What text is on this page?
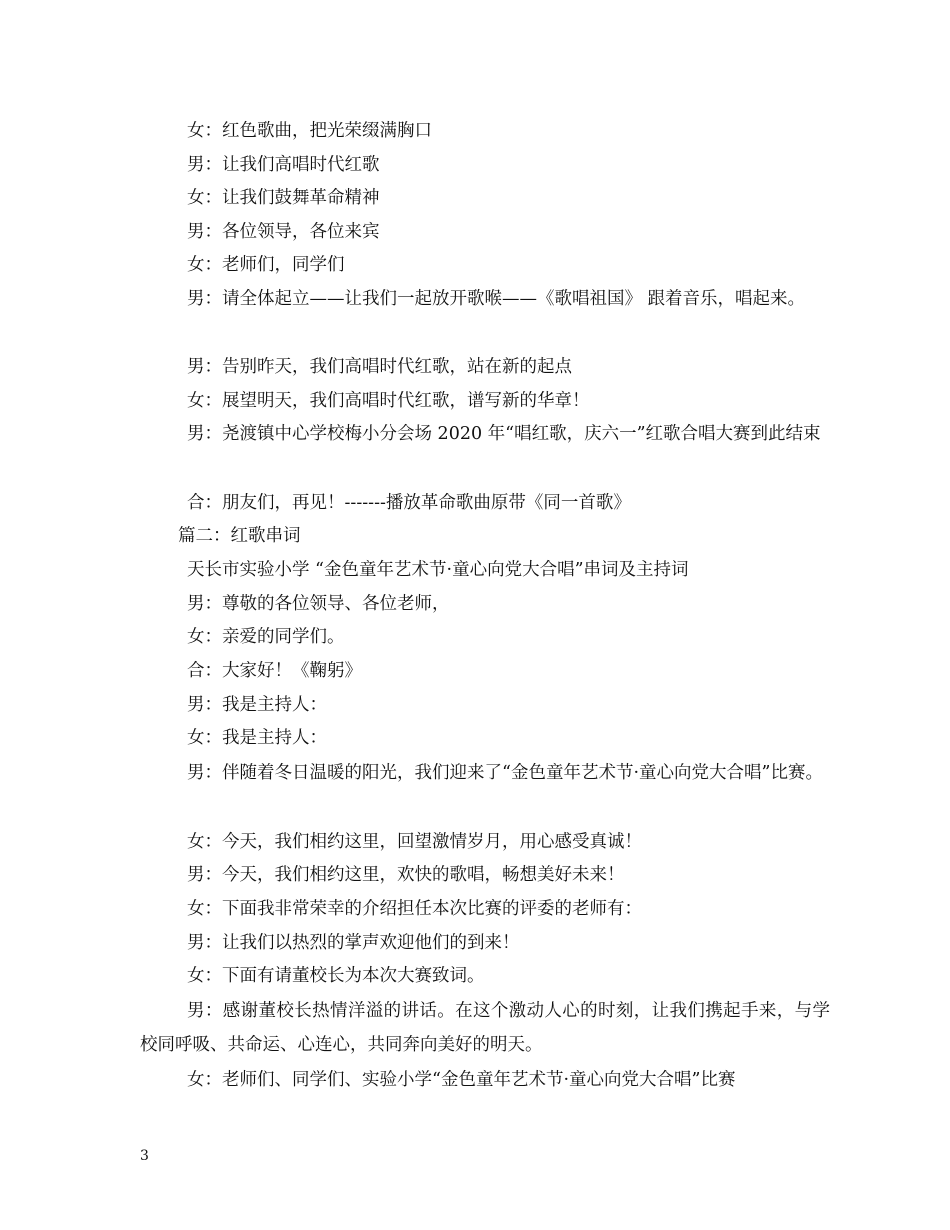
女：红色歌曲，把光荣缀满胸口
男：让我们高唱时代红歌
女：让我们鼓舞革命精神
男：各位领导，各位来宾
女：老师们，同学们
男：请全体起立——让我们一起放开歌喉——《歌唱祖国》 跟着音乐，唱起来。
男：告别昨天，我们高唱时代红歌，站在新的起点
女：展望明天，我们高唱时代红歌，谱写新的华章！
男：尧渡镇中心学校梅小分会场 2020 年“唱红歌，庆六一”红歌合唱大赛到此结束
合：朋友们，再见！-------播放革命歌曲原带《同一首歌》
篇二：红歌串词
天长市实验小学 “金色童年艺术节·童心向党大合唱”串词及主持词
男：尊敬的各位领导、各位老师，
女：亲爱的同学们。
合：大家好！《鞠躬》
男：我是主持人：
女：我是主持人：
男：伴随着冬日温暖的阳光，我们迎来了“金色童年艺术节·童心向党大合唱”比赛。
女：今天，我们相约这里，回望激情岁月，用心感受真诚！
男：今天，我们相约这里，欢快的歌唱，畅想美好未来！
女：下面我非常荣幸的介绍担任本次比赛的评委的老师有：
男：让我们以热烈的掌声欢迎他们的到来！
女：下面有请董校长为本次大赛致词。
男：感谢董校长热情洋溢的讲话。在这个激动人心的时刻，让我们携起手来，与学校同呼吸、共命运、心连心，共同奔向美好的明天。
女：老师们、同学们、实验小学“金色童年艺术节·童心向党大合唱”比赛
3
